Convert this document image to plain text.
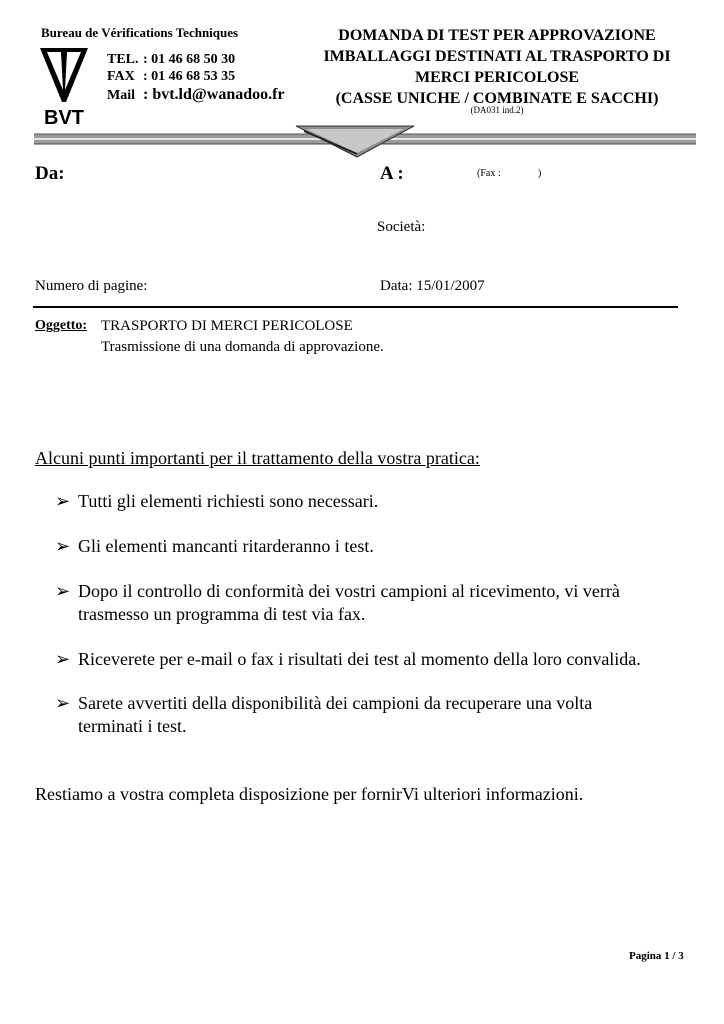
Bureau de Vérifications Techniques
BVT
TEL. : 01 46 68 50 30
FAX : 01 46 68 53 35
Mail : bvt.ld@wanadoo.fr
DOMANDA DI TEST PER APPROVAZIONE
IMBALLAGGI DESTINATI AL TRASPORTO DI
MERCI PERICOLOSE
(CASSE UNICHE / COMBINATE E SACCHI)
(DA031 ind.2)
Da:	A :	(Fax :	)
Società:
Numero di pagine:	Data: 15/01/2007
Oggetto: TRASPORTO DI MERCI PERICOLOSE
Trasmissione di una domanda di approvazione.
Alcuni punti importanti per il trattamento della vostra pratica:
➢ Tutti gli elementi richiesti sono necessari.
➢ Gli elementi mancanti ritarderanno i test.
➢ Dopo il controllo di conformità dei vostri campioni al ricevimento, vi verrà
trasmesso un programma di test via fax.
➢ Riceverete per e-mail o fax i risultati dei test al momento della loro convalida.
➢ Sarete avvertiti della disponibilità dei campioni da recuperare una volta
terminati i test.
Restiamo a vostra completa disposizione per fornirVi ulteriori informazioni.
Pagina 1 / 3
